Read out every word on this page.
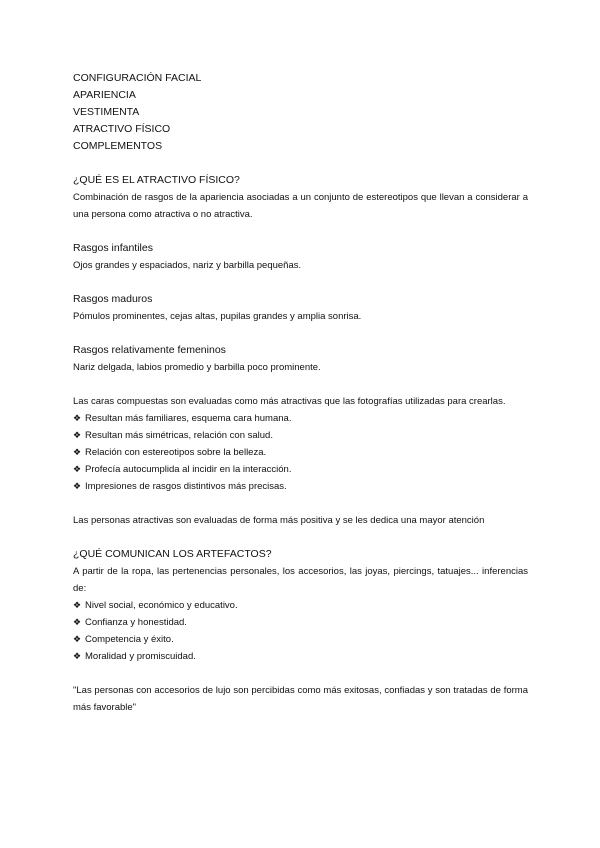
CONFIGURACIÓN FACIAL
APARIENCIA
VESTIMENTA
ATRACTIVO FÍSICO
COMPLEMENTOS
¿QUÉ ES EL ATRACTIVO FÍSICO?
Combinación de rasgos de la apariencia asociadas a un conjunto de estereotipos que llevan a considerar a una persona como atractiva o no atractiva.
Rasgos infantiles
Ojos grandes y espaciados, nariz y barbilla pequeñas.
Rasgos maduros
Pómulos prominentes, cejas altas, pupilas grandes y amplia sonrisa.
Rasgos relativamente femeninos
Nariz delgada, labios promedio y barbilla poco prominente.
Las caras compuestas son evaluadas como más atractivas que las fotografías utilizadas para crearlas.
❖ Resultan más familiares, esquema cara humana.
❖ Resultan más simétricas, relación con salud.
❖ Relación con estereotipos sobre la belleza.
❖ Profecía autocumplida al incidir en la interacción.
❖ Impresiones de rasgos distintivos más precisas.
Las personas atractivas son evaluadas de forma más positiva y se les dedica una mayor atención
¿QUÉ COMUNICAN LOS ARTEFACTOS?
A partir de la ropa, las pertenencias personales, los accesorios, las joyas, piercings, tatuajes... inferencias de:
❖ Nivel social, económico y educativo.
❖ Confianza y honestidad.
❖ Competencia y éxito.
❖ Moralidad y promiscuidad.
"Las personas con accesorios de lujo son percibidas como más exitosas, confiadas y son tratadas de forma más favorable"
